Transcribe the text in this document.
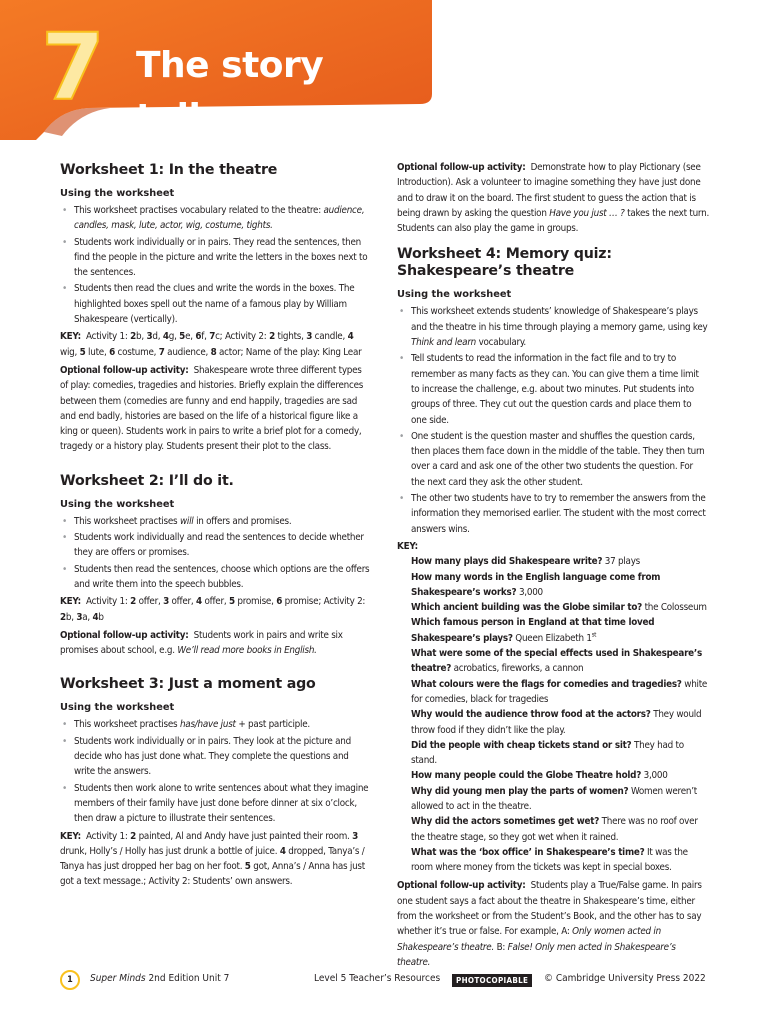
7 The story teller
Worksheet 1: In the theatre
Using the worksheet
• This worksheet practises vocabulary related to the theatre: audience, candles, mask, lute, actor, wig, costume, tights.
• Students work individually or in pairs. They read the sentences, then find the people in the picture and write the letters in the boxes next to the sentences.
• Students then read the clues and write the words in the boxes. The highlighted boxes spell out the name of a famous play by William Shakespeare (vertically).

KEY: Activity 1: 2b, 3d, 4g, 5e, 6f, 7c; Activity 2: 2 tights, 3 candle, 4 wig, 5 lute, 6 costume, 7 audience, 8 actor; Name of the play: King Lear

Optional follow-up activity: Shakespeare wrote three different types of play: comedies, tragedies and histories. Briefly explain the differences between them (comedies are funny and end happily, tragedies are sad and end badly, histories are based on the life of a historical figure like a king or queen). Students work in pairs to write a brief plot for a comedy, tragedy or a history play. Students present their plot to the class.

Worksheet 2: I’ll do it.
Using the worksheet
• This worksheet practises will in offers and promises.
• Students work individually and read the sentences to decide whether they are offers or promises.
• Students then read the sentences, choose which options are the offers and write them into the speech bubbles.

KEY: Activity 1: 2 offer, 3 offer, 4 offer, 5 promise, 6 promise; Activity 2: 2b, 3a, 4b

Optional follow-up activity: Students work in pairs and write six promises about school, e.g. We’ll read more books in English.

Worksheet 3: Just a moment ago
Using the worksheet
• This worksheet practises has/have just + past participle.
• Students work individually or in pairs. They look at the picture and decide who has just done what. They complete the questions and write the answers.
• Students then work alone to write sentences about what they imagine members of their family have just done before dinner at six o’clock, then draw a picture to illustrate their sentences.

KEY: Activity 1: 2 painted, Al and Andy have just painted their room. 3 drunk, Holly’s / Holly has just drunk a bottle of juice. 4 dropped, Tanya’s / Tanya has just dropped her bag on her foot. 5 got, Anna’s / Anna has just got a text message.; Activity 2: Students’ own answers.

Optional follow-up activity: Demonstrate how to play Pictionary (see Introduction). Ask a volunteer to imagine something they have just done and to draw it on the board. The first student to guess the action that is being drawn by asking the question Have you just … ? takes the next turn. Students can also play the game in groups.

Worksheet 4: Memory quiz: Shakespeare’s theatre
Using the worksheet
• This worksheet extends students’ knowledge of Shakespeare’s plays and the theatre in his time through playing a memory game, using key Think and learn vocabulary.
• Tell students to read the information in the fact file and to try to remember as many facts as they can. You can give them a time limit to increase the challenge, e.g. about two minutes. Put students into groups of three. They cut out the question cards and place them to one side.
• One student is the question master and shuffles the question cards, then places them face down in the middle of the table. They then turn over a card and ask one of the other two students the question. For the next card they ask the other student.
• The other two students have to try to remember the answers from the information they memorised earlier. The student with the most correct answers wins.

KEY:

How many plays did Shakespeare write? 37 plays

How many words in the English language come from Shakespeare’s works? 3,000

Which ancient building was the Globe similar to? the Colosseum

Which famous person in England at that time loved Shakespeare’s plays? Queen Elizabeth 1st

What were some of the special effects used in Shakespeare’s theatre? acrobatics, fireworks, a cannon

What colours were the flags for comedies and tragedies? white for comedies, black for tragedies

Why would the audience throw food at the actors? They would throw food if they didn’t like the play.

Did the people with cheap tickets stand or sit? They had to stand.

How many people could the Globe Theatre hold? 3,000

Why did young men play the parts of women? Women weren’t allowed to act in the theatre.

Why did the actors sometimes get wet? There was no roof over the theatre stage, so they got wet when it rained.

What was the ‘box office’ in Shakespeare’s time? It was the room where money from the tickets was kept in special boxes.

Optional follow-up activity: Students play a True/False game. In pairs one student says a fact about the theatre in Shakespeare’s time, either from the worksheet or from the Student’s Book, and the other has to say whether it’s true or false. For example, A: Only women acted in Shakespeare’s theatre. B: False! Only men acted in Shakespeare’s theatre.

1	Super Minds 2nd Edition Unit 7	Level 5 Teacher’s Resources	PHOTOCOPIABLE	© Cambridge University Press 2022
